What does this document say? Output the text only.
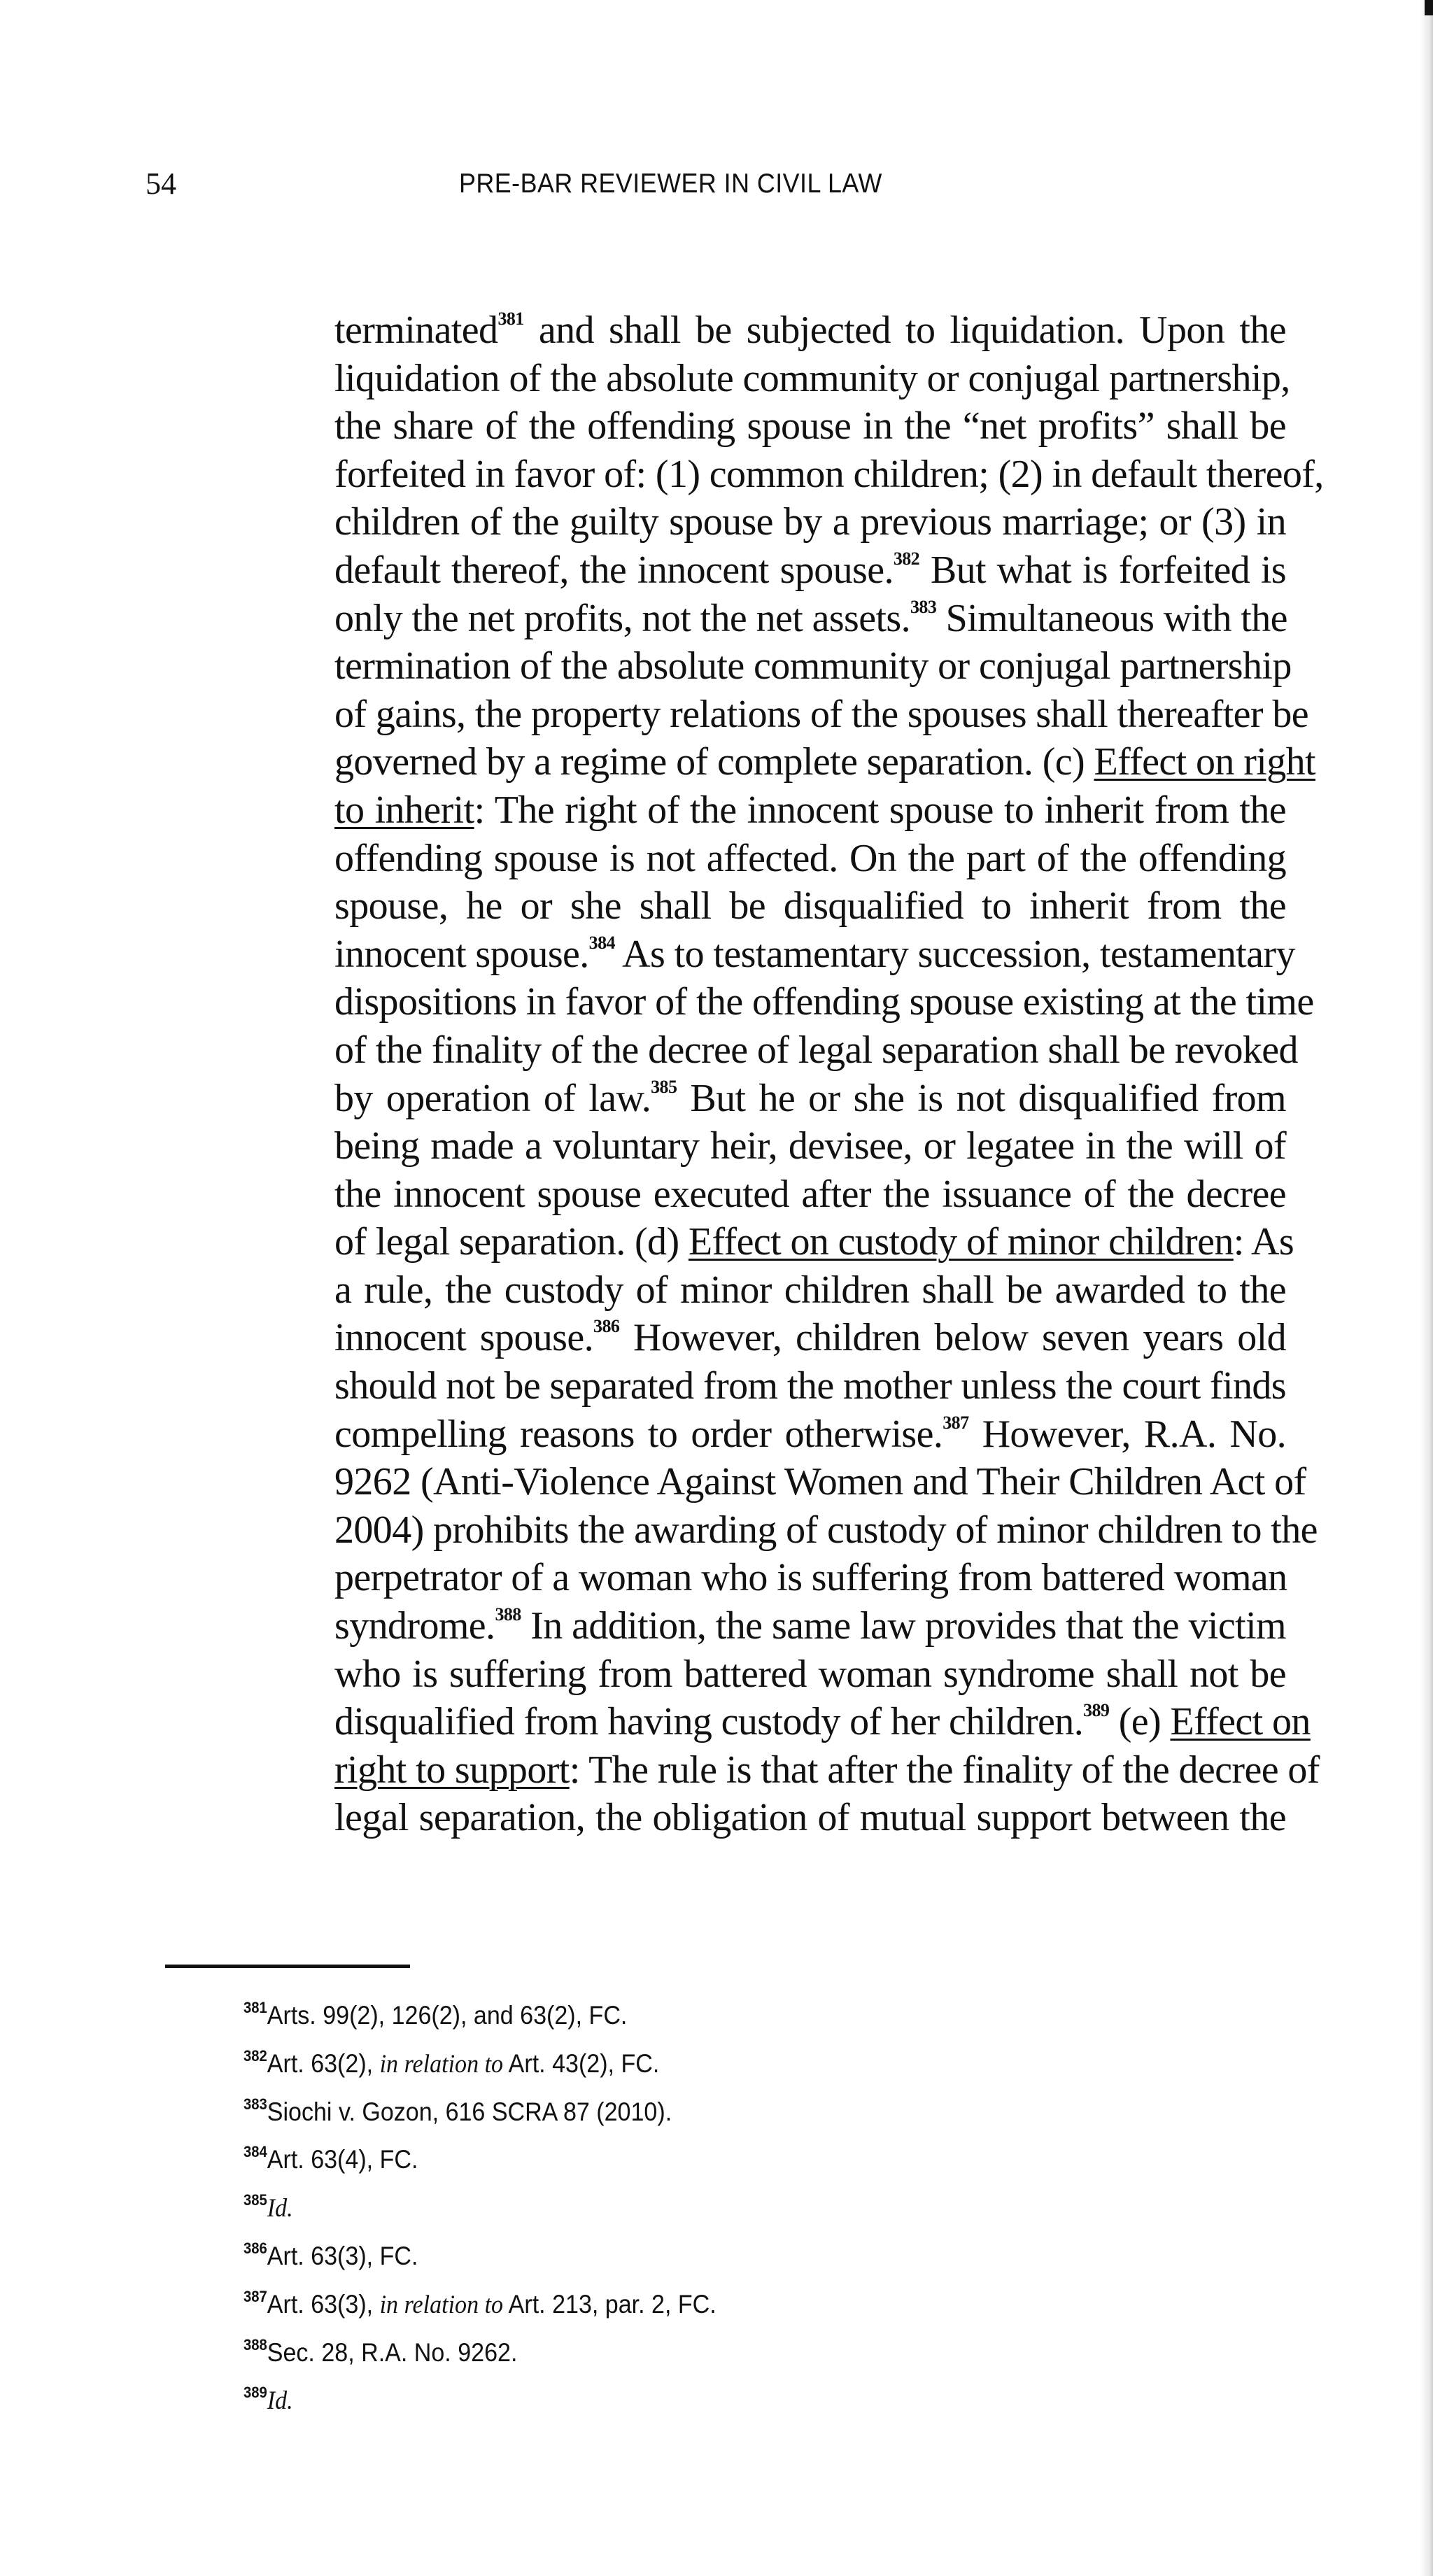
54	PRE-BAR REVIEWER IN CIVIL LAW
terminated$^{381}$ and shall be subjected to liquidation. Upon the
liquidation of the absolute community or conjugal partnership,
the share of the offending spouse in the “net profits” shall be
forfeited in favor of: (1) common children; (2) in default thereof,
children of the guilty spouse by a previous marriage; or (3) in
default thereof, the innocent spouse.$^{382}$ But what is forfeited is
only the net profits, not the net assets.$^{383}$ Simultaneous with the
termination of the absolute community or conjugal partnership
of gains, the property relations of the spouses shall thereafter be
governed by a regime of complete separation. (c) Effect on right
to inherit: The right of the innocent spouse to inherit from the
offending spouse is not affected. On the part of the offending
spouse, he or she shall be disqualified to inherit from the
innocent spouse.$^{384}$ As to testamentary succession, testamentary
dispositions in favor of the offending spouse existing at the time
of the finality of the decree of legal separation shall be revoked
by operation of law.$^{385}$ But he or she is not disqualified from
being made a voluntary heir, devisee, or legatee in the will of
the innocent spouse executed after the issuance of the decree
of legal separation. (d) Effect on custody of minor children: As
a rule, the custody of minor children shall be awarded to the
innocent spouse.$^{386}$ However, children below seven years old
should not be separated from the mother unless the court finds
compelling reasons to order otherwise.$^{387}$ However, R.A. No.
9262 (Anti-Violence Against Women and Their Children Act of
2004) prohibits the awarding of custody of minor children to the
perpetrator of a woman who is suffering from battered woman
syndrome.$^{388}$ In addition, the same law provides that the victim
who is suffering from battered woman syndrome shall not be
disqualified from having custody of her children.$^{389}$ (e) Effect on
right to support: The rule is that after the finality of the decree of
legal separation, the obligation of mutual support between the
$^{381}$Arts. 99(2), 126(2), and 63(2), FC.
$^{382}$Art. 63(2), in relation to Art. 43(2), FC.
$^{383}$Siochi v. Gozon, 616 SCRA 87 (2010).
$^{384}$Art. 63(4), FC.
$^{385}$Id.
$^{386}$Art. 63(3), FC.
$^{387}$Art. 63(3), in relation to Art. 213, par. 2, FC.
$^{388}$Sec. 28, R.A. No. 9262.
$^{389}$Id.
